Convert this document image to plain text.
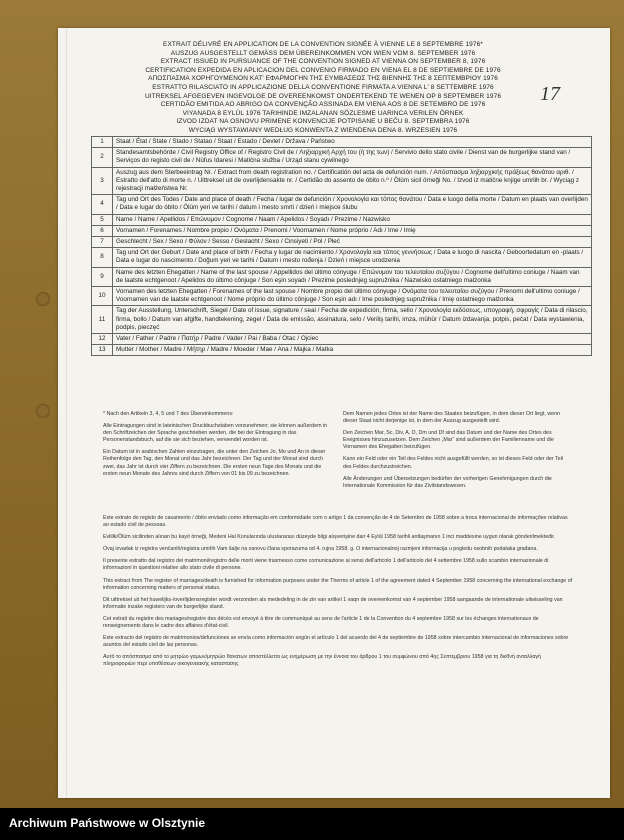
17
EXTRAIT DÉLIVRÉ EN APPLICATION DE LA CONVENTION SIGNÉE À VIENNE LE 8 SEPTEMBRE 1976*
AUSZUG AUSGESTELLT GEMÄSS DEM ÜBEREINKOMMEN VON WIEN VOM 8. SEPTEMBER 1976
EXTRACT ISSUED IN PURSUANCE OF THE CONVENTION SIGNED AT VIENNA ON SEPTEMBER 8, 1976
CERTIFICATION EXPEDIDA EN APLICACION DEL CONVENIO FIRMADO EN VIENA EL 8 DE SEPTIEMBRE DE 1976
ΑΠΟΣΠΑΣΜΑ ΧΟΡΗΓΟΥΜΕΝΟΝ ΚΑΤ' ΕΦΑΡΜΟΓΗΝ ΤΗΣ ΕΥΜΒΑΣΕΩΣ ΤΗΣ ΒΙΕΝΝΗΣ ΤΗΣ 8 ΣΕΠΤΕΜΒΡΙΟΥ 1976
ESTRATTO RILASCIATO IN APPLICAZIONE DELLA CONVENTIONE FIRMATA A VIENNA L' 8 SETTEMBRE 1976
UITREKSEL AFGEGEVEN INGEVOLGE DE OVEREENKOMST ONDERTEKEND TE WENEN OP 8 SEPTEMBER 1976
CERTIDÃO EMITIDA AO ABRIGO DA CONVENÇÃO ASSINADA EM VIENA AOS 8 DE SETEMBRO DE 1976
VIYANADA 8 EYLÜL 1976 TARIHINDE IMZALANAN SÖZLESME UARINCA VERILEN ÖRNEK
IZVOD IZDAT NA OSNOVU PRIMENE KONVENCIJE POTPISANE U BEČU 8. SEPTEMBRA 1976
WYCIĄG WYSTAWIANY WEDŁUG KONWENTA Z WIENDENA DENA 8. WRZESIEN 1976
1	Staat / État / State / Stado / Statao / Staat / Estado / Devlet / Država / Państwo
2	Standesamtsbehörde / Civil Registry Office of / Registro Civil de / Ληξιαρχική Αρχή του (ή της των) / Servivio dello stato civile / Dienst van de burgerlijke stand van / Serviços do registo civil de / Nüfus Idaresi / Matična služba / Urząd stanu cywilnego
3	Auszug aus dem Sterbeeintrag Nr. / Extract from death registration no. / Certificatión del acta de defunción num. / Απόσπασμα ληξιαρχικής πράξεως θανάτου αριθ. / Estratto dell'atto di morte n. / Uittreksel uit de overlijdensakte nr. / Certidão do assento de óbito n.º / Ölüm sicil örneği No. / Izvod iz matične knjige umrlih br. / Wyciąg z rejestracji małżeństwa Nr.
4	Tag und Ort des Todes / Date and place of death / Fecha / lugar de defunción / Χρονολογία και τόπος θανάτου / Data e luogo della morte / Datum en plaats van overlijden / Data e lugar do óbito / Ölüm yeri ve tarihi / datum i mesto smrti / dzień i miejsce ślubu
5	Name / Name / Apellidos / Επώνυμον / Cognome / Naam / Apelidos / Soyadı / Prezime / Nazwisko
6	Vornamen / Forenames / Nombre propio / Ονόματα / Prenomi / Voornamen / Nome próprio / Adı / Ime / Imię
7	Geschlecht / Sex / Sexo / Φύλον / Sesso / Geslacht / Sexo / Cinsiyeti / Pol / Płeć
8	Tag und Ort der Geburt / Date and place of birth / Fecha y lugar de nacimiento / Χρονολογία και τόπος γεννήσεως / Data e luogo di nascita / Geboortedatum en -plaats / Data e lugar do nascimento / Doğum yeri ve tarihi / Datum i mesto rođenja / Dzień i miejsce urodzenia
9	Name des letzten Ehegatten / Name of the last spouse / Appellidos del último cónyuge / Επώνυμον του τελευταίου συζύγου / Cognome dell'ultimo coniuge / Naam van de laatste echtgenoot / Apelidos do último cônjuge / Son eşin soyadı / Prezime poslednjeg supružnika / Nazwisko ostatniego małżonka
10	Vornamen des letzten Ehegatten / Forenames of the last spouse / Nombre propio del último cónyuge / Ονόματα του τελευταίου συζύγου / Prenomi dell'ultimo coniuge / Voornamen van de laatste echtgenoot / Nome próprio do último cônjuge / Son eşin adı / Ime poslednjeg supružnika / Imię ostatniego małżonka
11	Tag der Ausstellung, Unterschrift, Siegel / Date of issue, signature / seal / Fecha de expedición, firma, sello / Χρονολογία εκδόσεως, υπογραφή, σφραγίς / Data di rilascio, firma, bollo / Datum van afgifte, handtekening, zegel / Data de emissão, assinatura, selo / Veriliş tarihi, imza, mühür / Datum izdavanja, potpis, pečat / Data wystawienia, podpis, pieczęć
12	Vater / Father / Padre / Πατήρ / Padre / Vader / Pai / Baba / Otac / Ojciec
13	Mutter / Mother / Madre / Μήτηρ / Madre / Moeder / Mae / Ana / Majka / Matka

* Nach den Artikeln 3, 4, 5 und 7 des Übereinkommens:

Alle Eintragungen sind in lateinischen Druckbuchstaben vorzunehmen; sie können außerdem in den Schriftzeichen der Sprache geschrieben werden, die bei der Eintragung in das Personenstandsbuch, auf die sie sich beziehen, verwendet worden ist.

Ein Datum ist in arabischen Zahlen einzutragen, die unter den Zeichen Jo, Mo und An in dieser Reihenfolge den Tag, den Monat und das Jahr bezeichnen. Der Tag und der Monat sind durch zwei, das Jahr ist durch vier Ziffern zu bezeichnen. Die ersten neun Tage des Monats und die ersten neun Monate des Jahres sind durch Ziffern von 01 bis 09 zu bezeichnen.

Dem Namen jedes Ortes ist der Name des Staates beizufügen, in dem dieser Ort liegt, wenn dieser Staat nicht derjenige ist, in dem der Auszug ausgestellt wird.

Den Zeichen Mar, Sc, Div, A, D, Dm und Df sind das Datum und der Name des Ortes des Ereignisses hinzuzusetzen. Dem Zeichen „Mar“ sind außerdem der Familienname und die Vornamen des Ehegatten beizufügen.

Kann ein Feld oder ein Teil des Feldes nicht ausgefüllt werden, so ist dieses Feld oder der Teil des Feldes durchzustreichen.

Alle Änderungen und Übersetzungen bedürfen der vorherigen Genehmigungen durch die Internationale Kommission für das Zivilstandswesen.

Este extrato do registo de casamento / óbito enviado como informação em conformidade com o artigo 1 da convenção de 4 de Setembro de 1958 sobre a troca internacional de informações relativas ao estado civil de pessoas.

Evlilik/Ölüm sicilinden alınan bu kayıt örneği, Medeni Hal Konularında uluslararası düzeyde bilgi alışverişine dair 4 Eylül 1958 tarihli antlaşmanın 1 inci maddesine uygun olarak gönderilmektedir.

Ovaj izvadak iz registra venčanih/registra umrlih Vam šalje na osnovu člana sporazuma od 4. rujna 1958. g. O internacionalnoj razmjeni informacija u pogledu osobnih podataka građana.

Il presente estratto dal registro dei matrimoni/registro delle morti viene trasmesso come comunicazione ai sensi dell'articolo 1 dell'articolo del 4 settembre 1958 sullo scambio internazionale di informazioni in questioni relative allo stato civile di persone.

This extract from The register of marriages/death is furnished for information purposes under the Therms of article 1 of the agreement dated 4 September 1958 concerning the international exchange of information concerning matters of personal status.

Dit uittreksel uit het huwelijks-/overlijdensregister wordt verzonden als mededeling in de zin van artikel 1 vaqn de overeenkomst van 4 september 1958 aangaande de internationale uitwisseling van informatie inzake registers van de burgerlijke stand.

Cet extrait du registre des mariages/registre des décès est envoyé à titre de communiqué au sens de l'article 1 de la Convention du 4 septembre 1958 sur les échanges internationaux de renseignements dans le cadre des affaires d'état-civil.

Este extracto del registro de matrimonios/defunciones se envía como información según el artículo 1 del acuerdo del 4 de septiembre de 1958 sobre intercambio internacional de informaciones sobre asuntos del estado civil de las personas.

Αυτό το απόσπασμα από το μητρώο γαμων/μητρώο θανατων αποστέλλεται ως ενημέρωση με την έννοια του άρθρου 1 του συμφώνου από 4ης Σεπτεμβριου 1958 για τη διεθνή ανταλλαγή πληροφοριών περι υποθέσεων οικογενειακής καταστασης

Archiwum Państwowe w Olsztynie
